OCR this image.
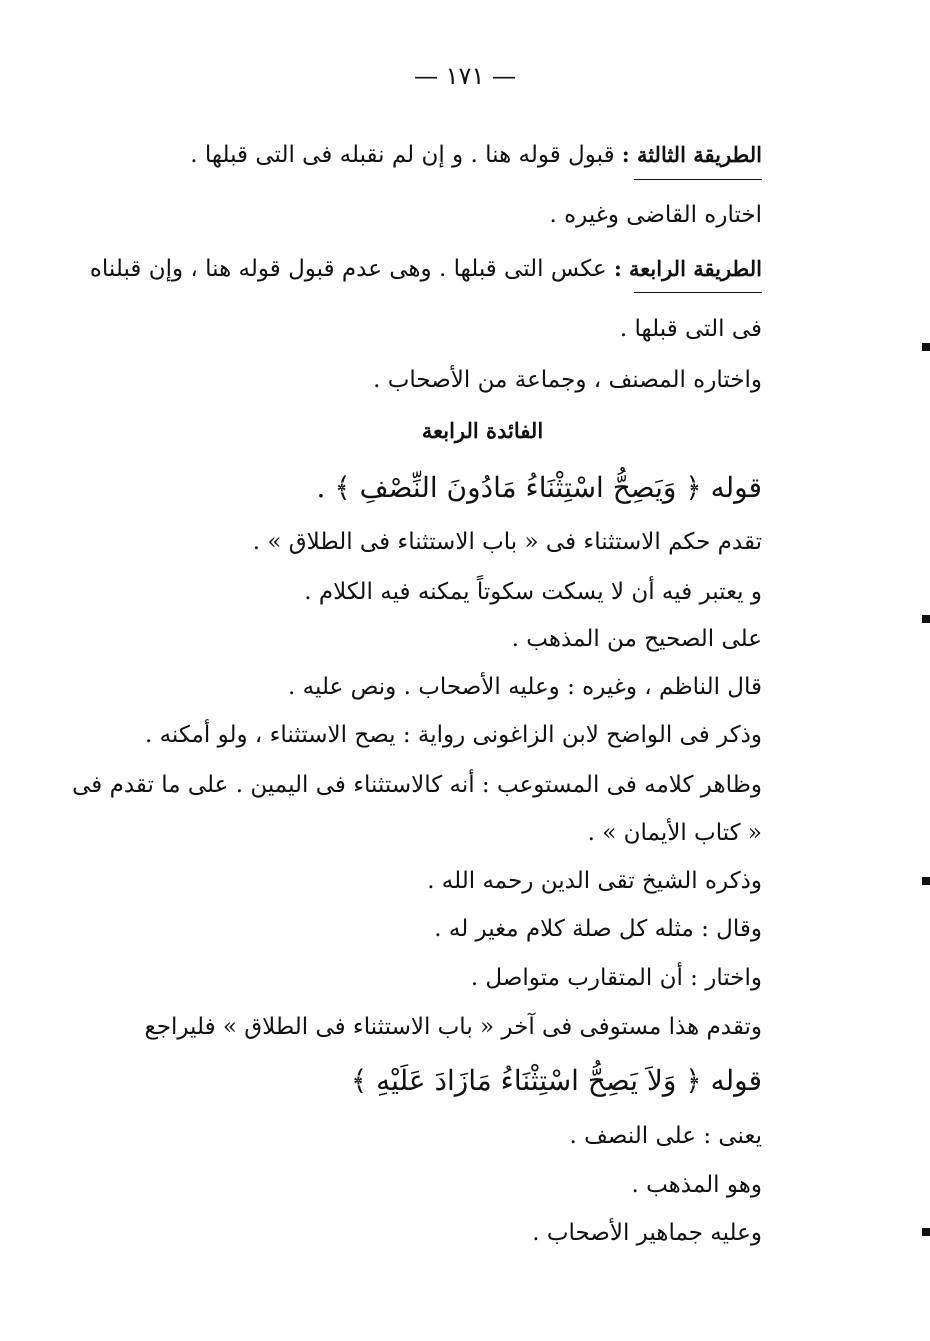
— ١٧١ —
الطريقة الثالثة : قبول قوله هنا . و إن لم نقبله فى التى قبلها .
اختاره القاضى وغيره .
الطريقة الرابعة : عكس التى قبلها . وهى عدم قبول قوله هنا ، وإن قبلناه
فى التى قبلها .
واختاره المصنف ، وجماعة من الأصحاب .
الفائدة الرابعة
قوله ﴿ وَيَصِحُّ اسْتِثْنَاءُ مَادُونَ النِّصْفِ ﴾ .
تقدم حكم الاستثناء فى « باب الاستثناء فى الطلاق » .
و يعتبر فيه أن لا يسكت سكوتاً يمكنه فيه الكلام .
على الصحيح من المذهب .
قال الناظم ، وغيره : وعليه الأصحاب . ونص عليه .
وذكر فى الواضح لابن الزاغونى رواية : يصح الاستثناء ، ولو أمكنه .
وظاهر كلامه فى المستوعب : أنه كالاستثناء فى اليمين . على ما تقدم فى
« كتاب الأيمان » .
وذكره الشيخ تقى الدين رحمه الله .
وقال : مثله كل صلة كلام مغير له .
واختار : أن المتقارب متواصل .
وتقدم هذا مستوفى فى آخر « باب الاستثناء فى الطلاق » فليراجع
قوله ﴿ وَلاَ يَصِحُّ اسْتِثْنَاءُ مَازَادَ عَلَيْهِ ﴾
يعنى : على النصف .
وهو المذهب .
وعليه جماهير الأصحاب .
